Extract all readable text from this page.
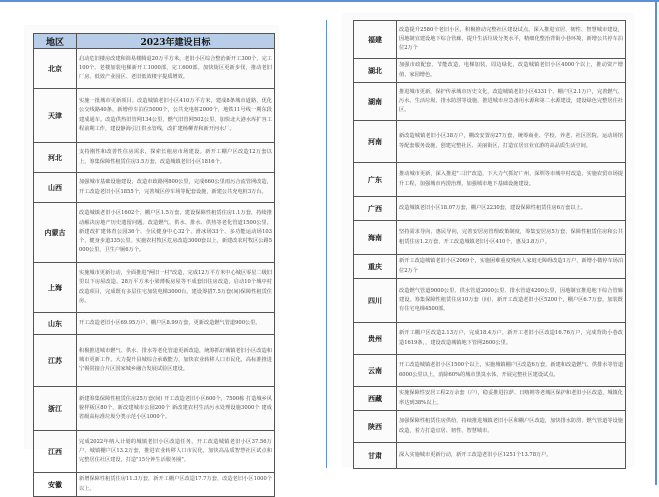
地区	2023年建设目标
北京	启动危旧楼房改建和简易楼腾退20万平方米。老旧小区综合整治新开工300个，完工100个。老楼加装电梯新开工1000部，完工600部。加快街区更新步伐，推动老旧厂房、低效产业园区、老旧低效楼宇提质增效。
天津	实施一批城市更新项目。改造城镇老旧小区410万平方米，建成8条城市道路，优化公交线路40条，新增停车泊位5000个，公共充电桩2000个，地铁11号线一期东段建成通车。改造供热旧管网134公里，燃气旧管网502公里，加快北大港水库扩容工程前期工作，建设静海引江供水管线，改扩建杨柳青和新开河水厂。
河北	支持刚性和改善性住房需求，探索长租房市场建设。新开工棚户区改造12万套以上，筹集保障性租赁住房3.5万套，改造城镇老旧小区1816个。
山西	加强城市基础设施建设，改造市政路网800公里，完成660公里雨污合流管网改造，开工改造老旧小区1855个，完善城区停车场等配套设施，新建公共充电桩3万台。
内蒙古	改造城镇老旧小区1602个、棚户区1.5万套，建设保障性租赁住房1.1万套，持续推动解决房地产历史遗留问题。改造燃气、供水、排水、供热等老化管道1500公里。新建改扩建体育公园36个、全民健身中心32个、滑冰场33个、多功能运动场103个、健身步道335公里。实施农村牧区危房改造3000套以上，新建改农村牧区公路5000公里，卫生户厕6万个。
上海	实施城市更新行动，全面推进"两旧一村"改造，完成12万平方米中心城区零星二级旧里以下房屋改造、28万平方米小梁薄板房屋等不成套旧住房改造，启动10个城中村改造项目，完成既有多层住宅加装电梯3000台。建设筹措7.5万套(间)保障性租赁住房。
山东	开工改造老旧小区69.95万户、棚户区8.99万套，更新改造燃气管道900公里。
江苏	积极推进城市燃气、供水、排水等老化管道更新改造，统筹抓好城镇老旧小区改造和城市更新工作。大力提升县城综合承载能力，加快农业转移人口市民化，高标准推进宁锡常接合片区国家城乡融合发展试验区建设。
浙江	新建筹集保障性租赁住房25万套(间) 开工改造老旧小区600个，7500栋 打造城乡风貌样板区80个，新改建城市公园200个 新改建农村生活污水处理设施3000个 建成省级高标准垃圾分类示范小区1000个。
江西	完成2022年纳入计划的城镇老旧小区改造任务，开工改造城镇老旧小区37.56万户、城镇棚户区13.2万套，推进农业转移人口市民化，加快高品质智慧社区试点和完整居住社区建设，打造"15分钟生活服务圈"。
安徽	新增保障性租赁住房11.3万套，新开工棚户区改造17.7万套，改造老旧小区1000个以上。
福建	改造提升2580个老旧小区，积极推动完整社区建设试点。深入推进宜居、韧性、智慧城市建设，因地制宜建设地下综合管廊，提升生活垃圾分类水平，精细化整治背街小巷环境，新增公共停车泊位2万个
湖北	加强市政配套、节能改造、电梯加装、周边绿化，改造城镇老旧小区4000个以上，推动资产增值、家园增色。
湖南	推进城市更新，保护传承城市历史文化，改造城镇老旧小区4331个、棚户区2.1万户，完善燃气、污水、生活垃圾、排水防涝等设施，推进城市应急备用水源和第二水源建设，建设绿色完整居住社区。
河南	新改造城镇老旧小区38万户，棚改安置房27万套，统筹商业、学校、养老、社区医院、运动场馆等配套服务设施，创建完整社区、美丽街区，打造宜居宜业宜游的高品质生活空间。
广东	推动城市更新，深入推进"三旧"改造，下大力气抓好广州、深圳等市城中村改造，实施农贸市场提升工程，加强城市内涝治理，加强城市地下基础设施建设。
广西	改造城镇老旧小区18.07万套，棚户区2230套，建设保障性租赁住房6万套以上。
海南	坚持需求导向、惠民导向，完善安居房管理政策制度，筹集安居房5万套、保障性租赁住房和公共租赁住房1.2万套，开工改造城镇老旧小区410个，惠及3.8万户。
重庆	新开工改造城镇老旧小区2069个，实施困难重度残疾人家庭无障碍改造1万户，新增小微停车场泊位2万个
四川	改造燃气管道9000公里、供水管道2000公里、排水管道4200公里，因地制宜推进地下综合管廊建设。筹集保障性租赁住房10万套（间），新开工改造老旧小区5200个，棚户区6.7万套，加装既有住宅电梯4500部。
贵州	新开工棚户区改造2.13万户，完成18.4万户，新开工老旧小区改造16.76万户，完成背街小巷改造1619条，，建设改造城镇地下管网2600公里。
云南	开工改造城镇老旧小区1500个以上，实施城镇棚户区改造6万套，新建和改造燃气、供排水等管道6000公里以上，消除60%的城市黑臭水体，开展完整社区建设试点。
西藏	实施保障性安居工程2万余套（户），稳妥推进拉萨、日喀则等老城区保护和老旧小区改造，城镇化率达到38%以上。
陕西	加强保障性租赁住房供给，持续推进城镇老旧小区和棚户区改造，加快排水防涝、燃气管道等设施改造，着力打造宜居、韧性、智慧城市。
甘肃	深入实施城市更新行动，新开工改造老旧小区1251个13.78万户。
